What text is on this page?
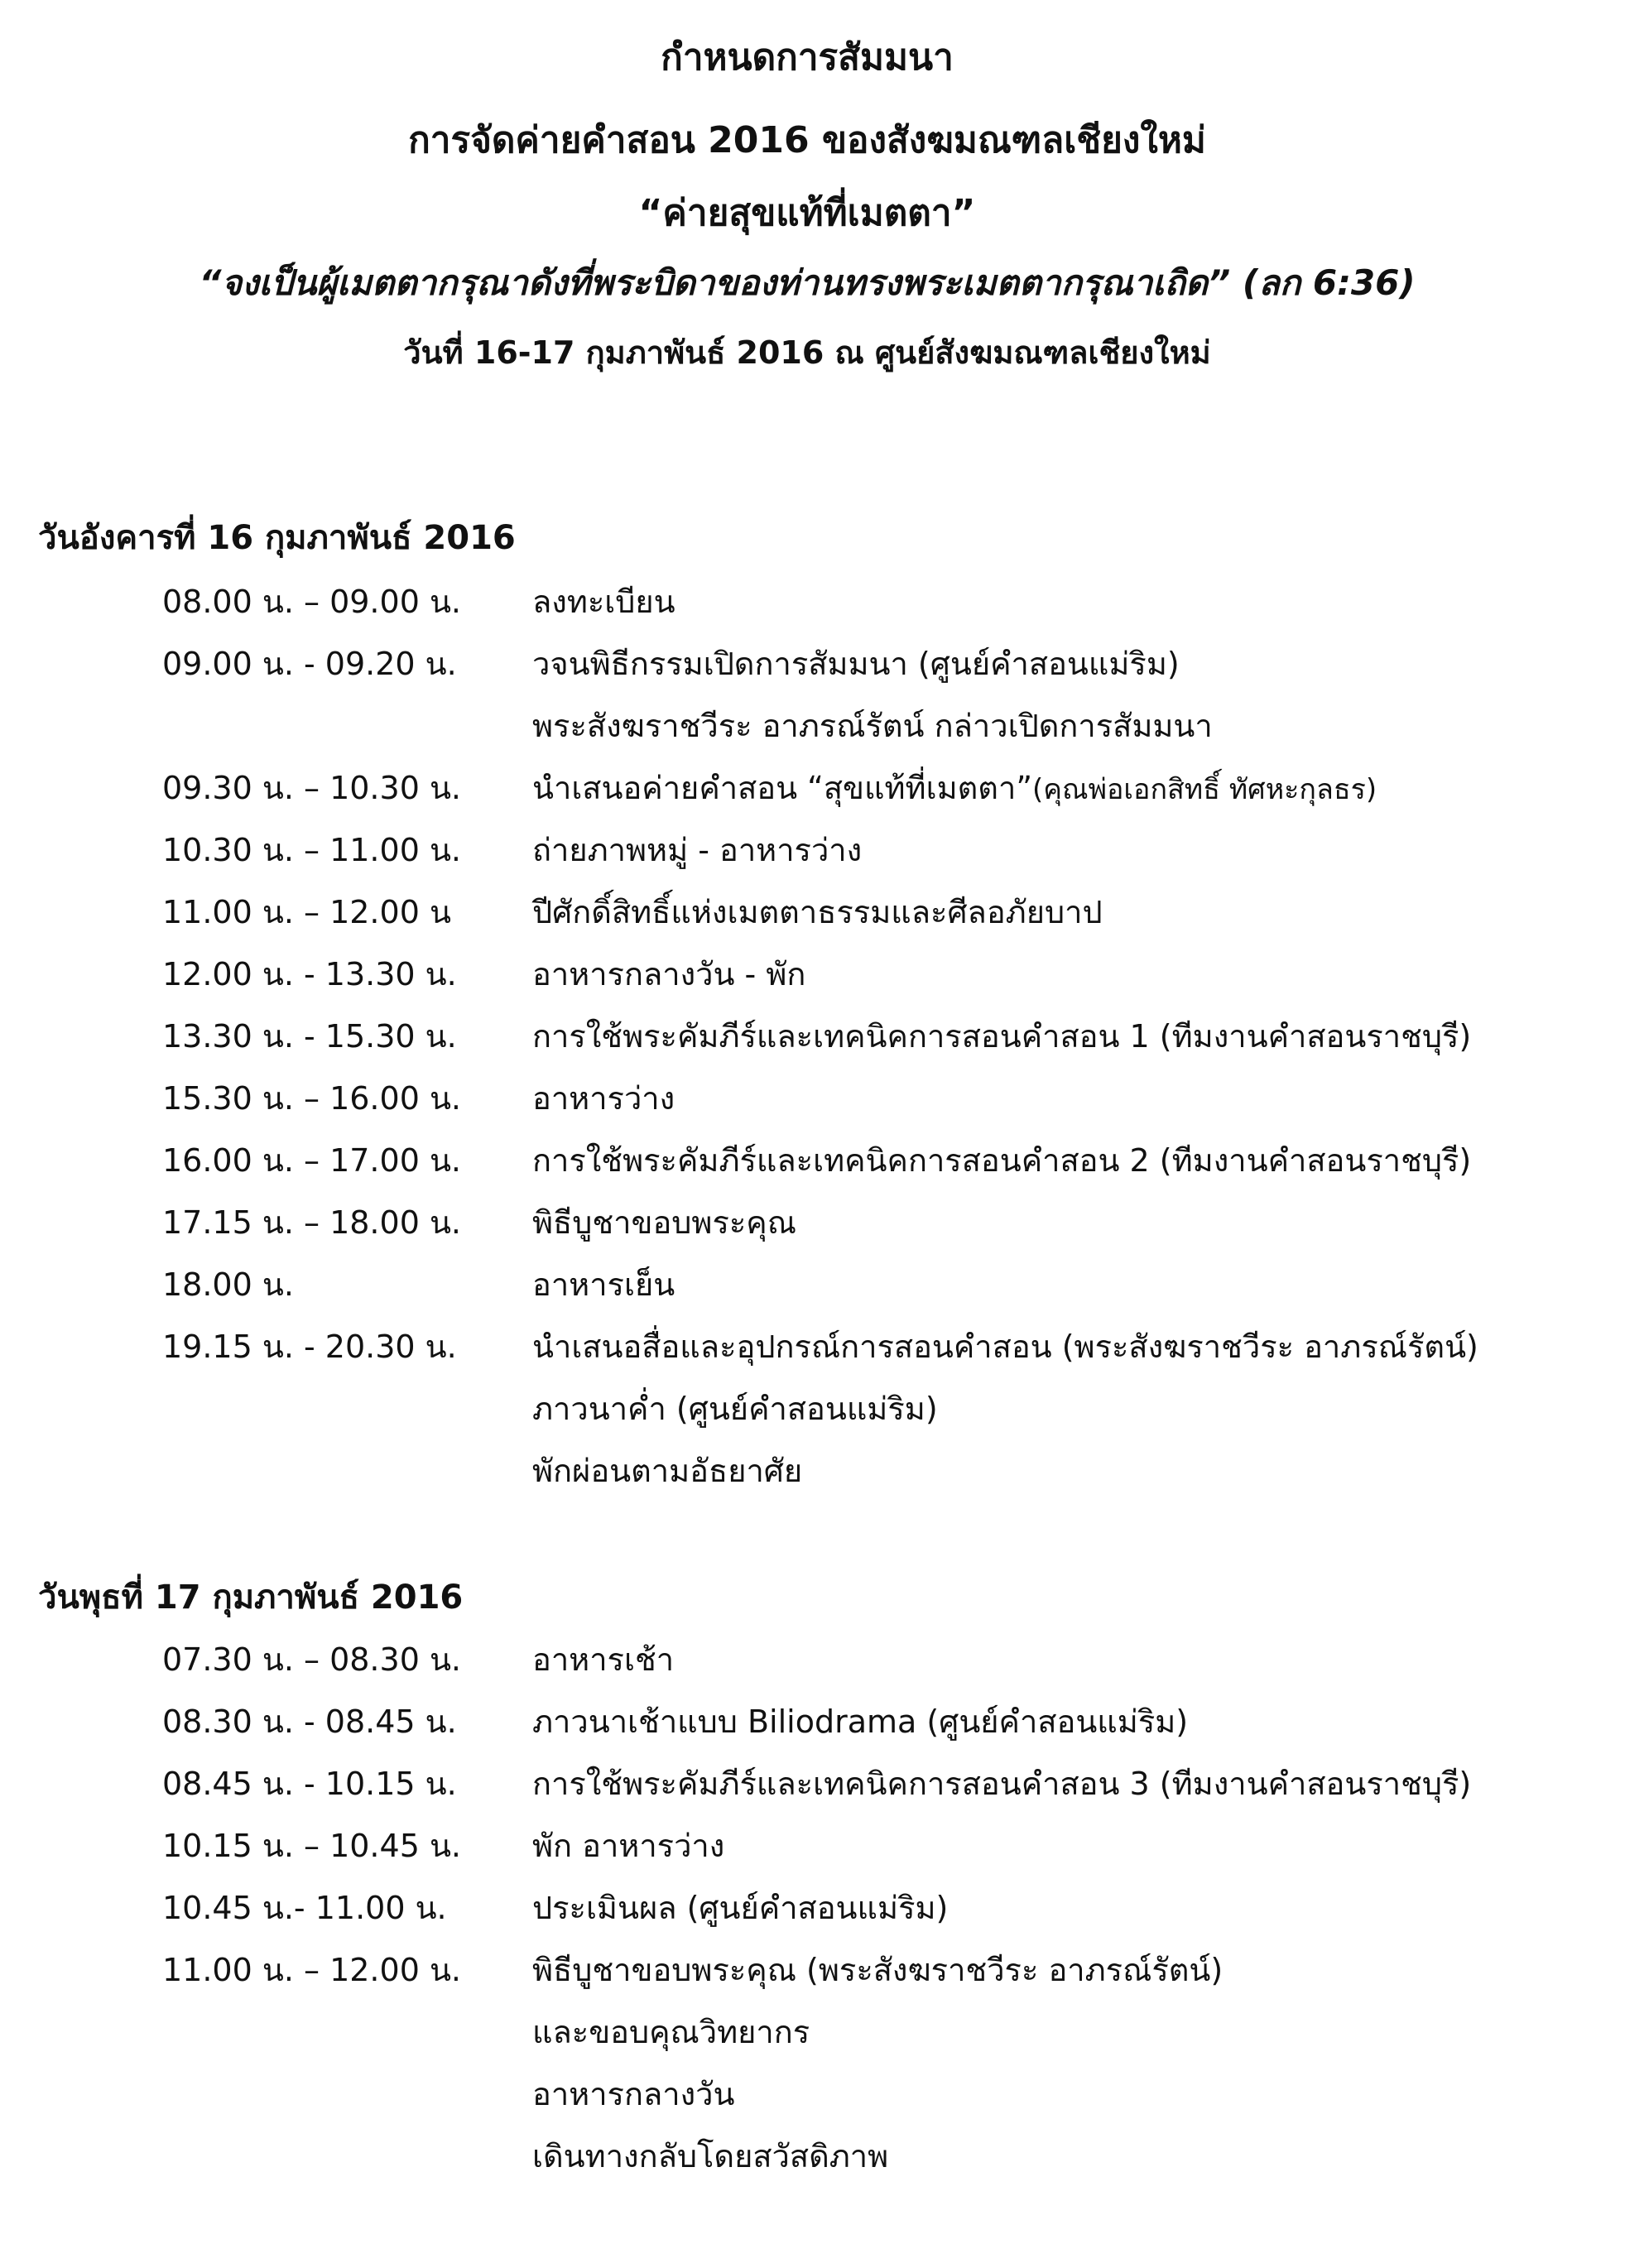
กำหนดการสัมมนา
การจัดค่ายคำสอน 2016 ของสังฆมณฑลเชียงใหม่
“ค่ายสุขแท้ที่เมตตา”
“จงเป็นผู้เมตตากรุณาดังที่พระบิดาของท่านทรงพระเมตตากรุณาเถิด” (ลก 6:36)
วันที่ 16-17 กุมภาพันธ์ 2016 ณ ศูนย์สังฆมณฑลเชียงใหม่
วันอังคารที่ 16 กุมภาพันธ์ 2016
08.00 น. – 09.00 น.	ลงทะเบียน
09.00 น. - 09.20 น.	วจนพิธีกรรมเปิดการสัมมนา (ศูนย์คำสอนแม่ริม)
พระสังฆราชวีระ อาภรณ์รัตน์ กล่าวเปิดการสัมมนา
09.30 น. – 10.30 น.	นำเสนอค่ายคำสอน “สุขแท้ที่เมตตา”(คุณพ่อเอกสิทธิ์ ทัศหะกุลธร)
10.30 น. – 11.00 น.	ถ่ายภาพหมู่ - อาหารว่าง
11.00 น. – 12.00 น	ปีศักดิ์สิทธิ์แห่งเมตตาธรรมและศีลอภัยบาป
12.00 น. - 13.30 น.	อาหารกลางวัน - พัก
13.30 น. - 15.30 น.	การใช้พระคัมภีร์และเทคนิคการสอนคำสอน 1 (ทีมงานคำสอนราชบุรี)
15.30 น. – 16.00 น.	อาหารว่าง
16.00 น. – 17.00 น.	การใช้พระคัมภีร์และเทคนิคการสอนคำสอน 2 (ทีมงานคำสอนราชบุรี)
17.15 น. – 18.00 น.	พิธีบูชาขอบพระคุณ
18.00 น.	อาหารเย็น
19.15 น. - 20.30 น.	นำเสนอสื่อและอุปกรณ์การสอนคำสอน (พระสังฆราชวีระ อาภรณ์รัตน์)
ภาวนาค่ำ (ศูนย์คำสอนแม่ริม)
พักผ่อนตามอัธยาศัย
วันพุธที่ 17 กุมภาพันธ์ 2016
07.30 น. – 08.30 น.	อาหารเช้า
08.30 น. - 08.45 น.	ภาวนาเช้าแบบ Biliodrama (ศูนย์คำสอนแม่ริม)
08.45 น. - 10.15 น.	การใช้พระคัมภีร์และเทคนิคการสอนคำสอน 3 (ทีมงานคำสอนราชบุรี)
10.15 น. – 10.45 น.	พัก อาหารว่าง
10.45 น.- 11.00 น.	ประเมินผล (ศูนย์คำสอนแม่ริม)
11.00 น. – 12.00 น.	พิธีบูชาขอบพระคุณ (พระสังฆราชวีระ อาภรณ์รัตน์)
และขอบคุณวิทยากร
อาหารกลางวัน
เดินทางกลับโดยสวัสดิภาพ
